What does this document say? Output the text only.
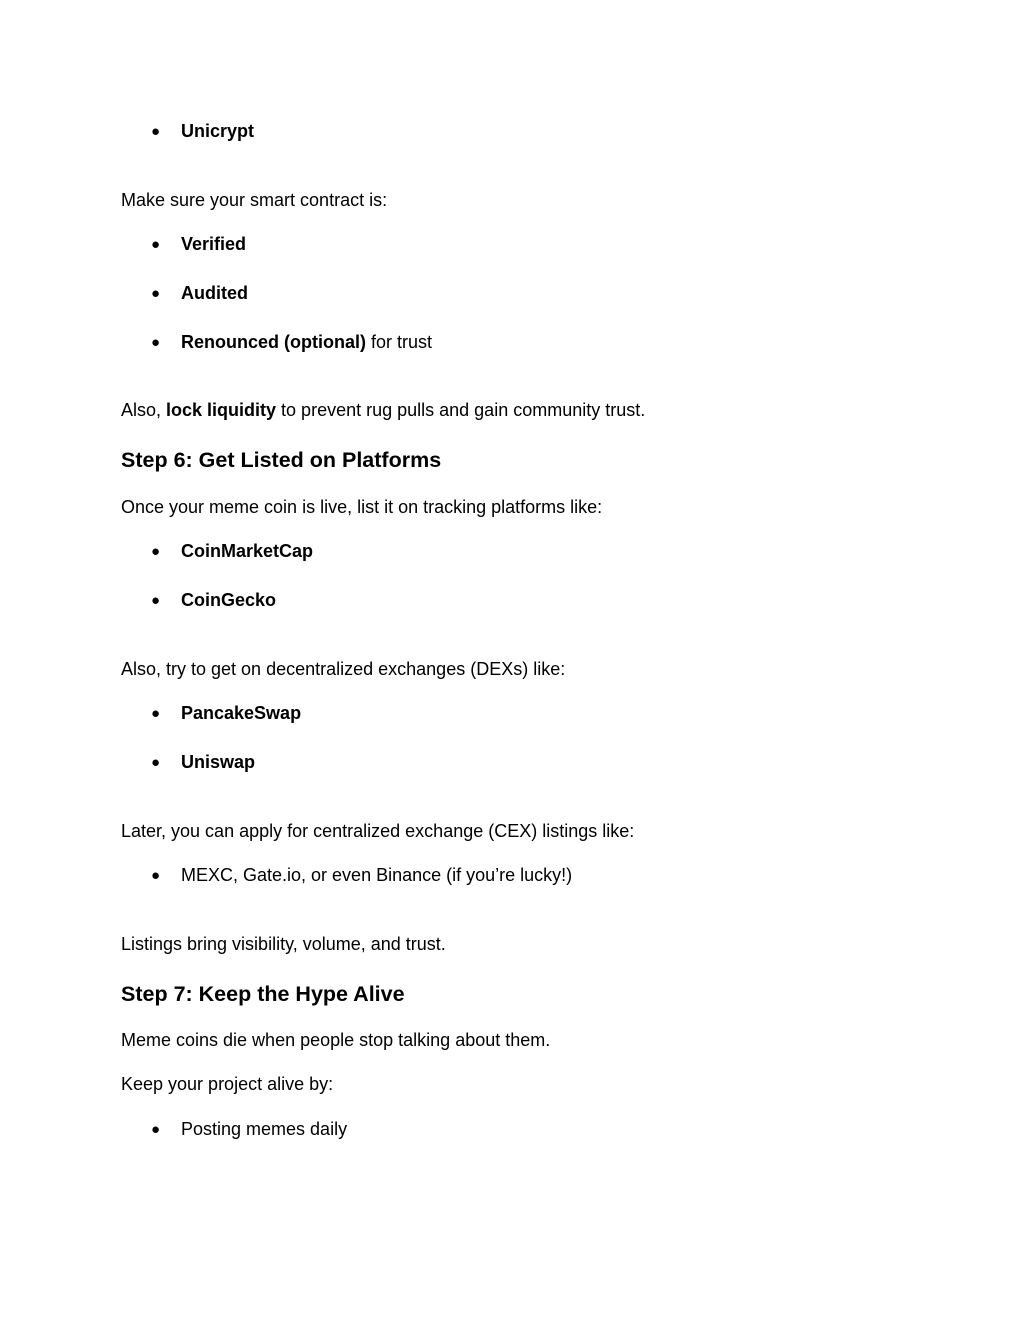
● Unicrypt
Make sure your smart contract is:
● Verified
● Audited
● Renounced (optional) for trust
Also, lock liquidity to prevent rug pulls and gain community trust.
Step 6: Get Listed on Platforms
Once your meme coin is live, list it on tracking platforms like:
● CoinMarketCap
● CoinGecko
Also, try to get on decentralized exchanges (DEXs) like:
● PancakeSwap
● Uniswap
Later, you can apply for centralized exchange (CEX) listings like:
● MEXC, Gate.io, or even Binance (if you’re lucky!)
Listings bring visibility, volume, and trust.
Step 7: Keep the Hype Alive
Meme coins die when people stop talking about them.
Keep your project alive by:
● Posting memes daily
